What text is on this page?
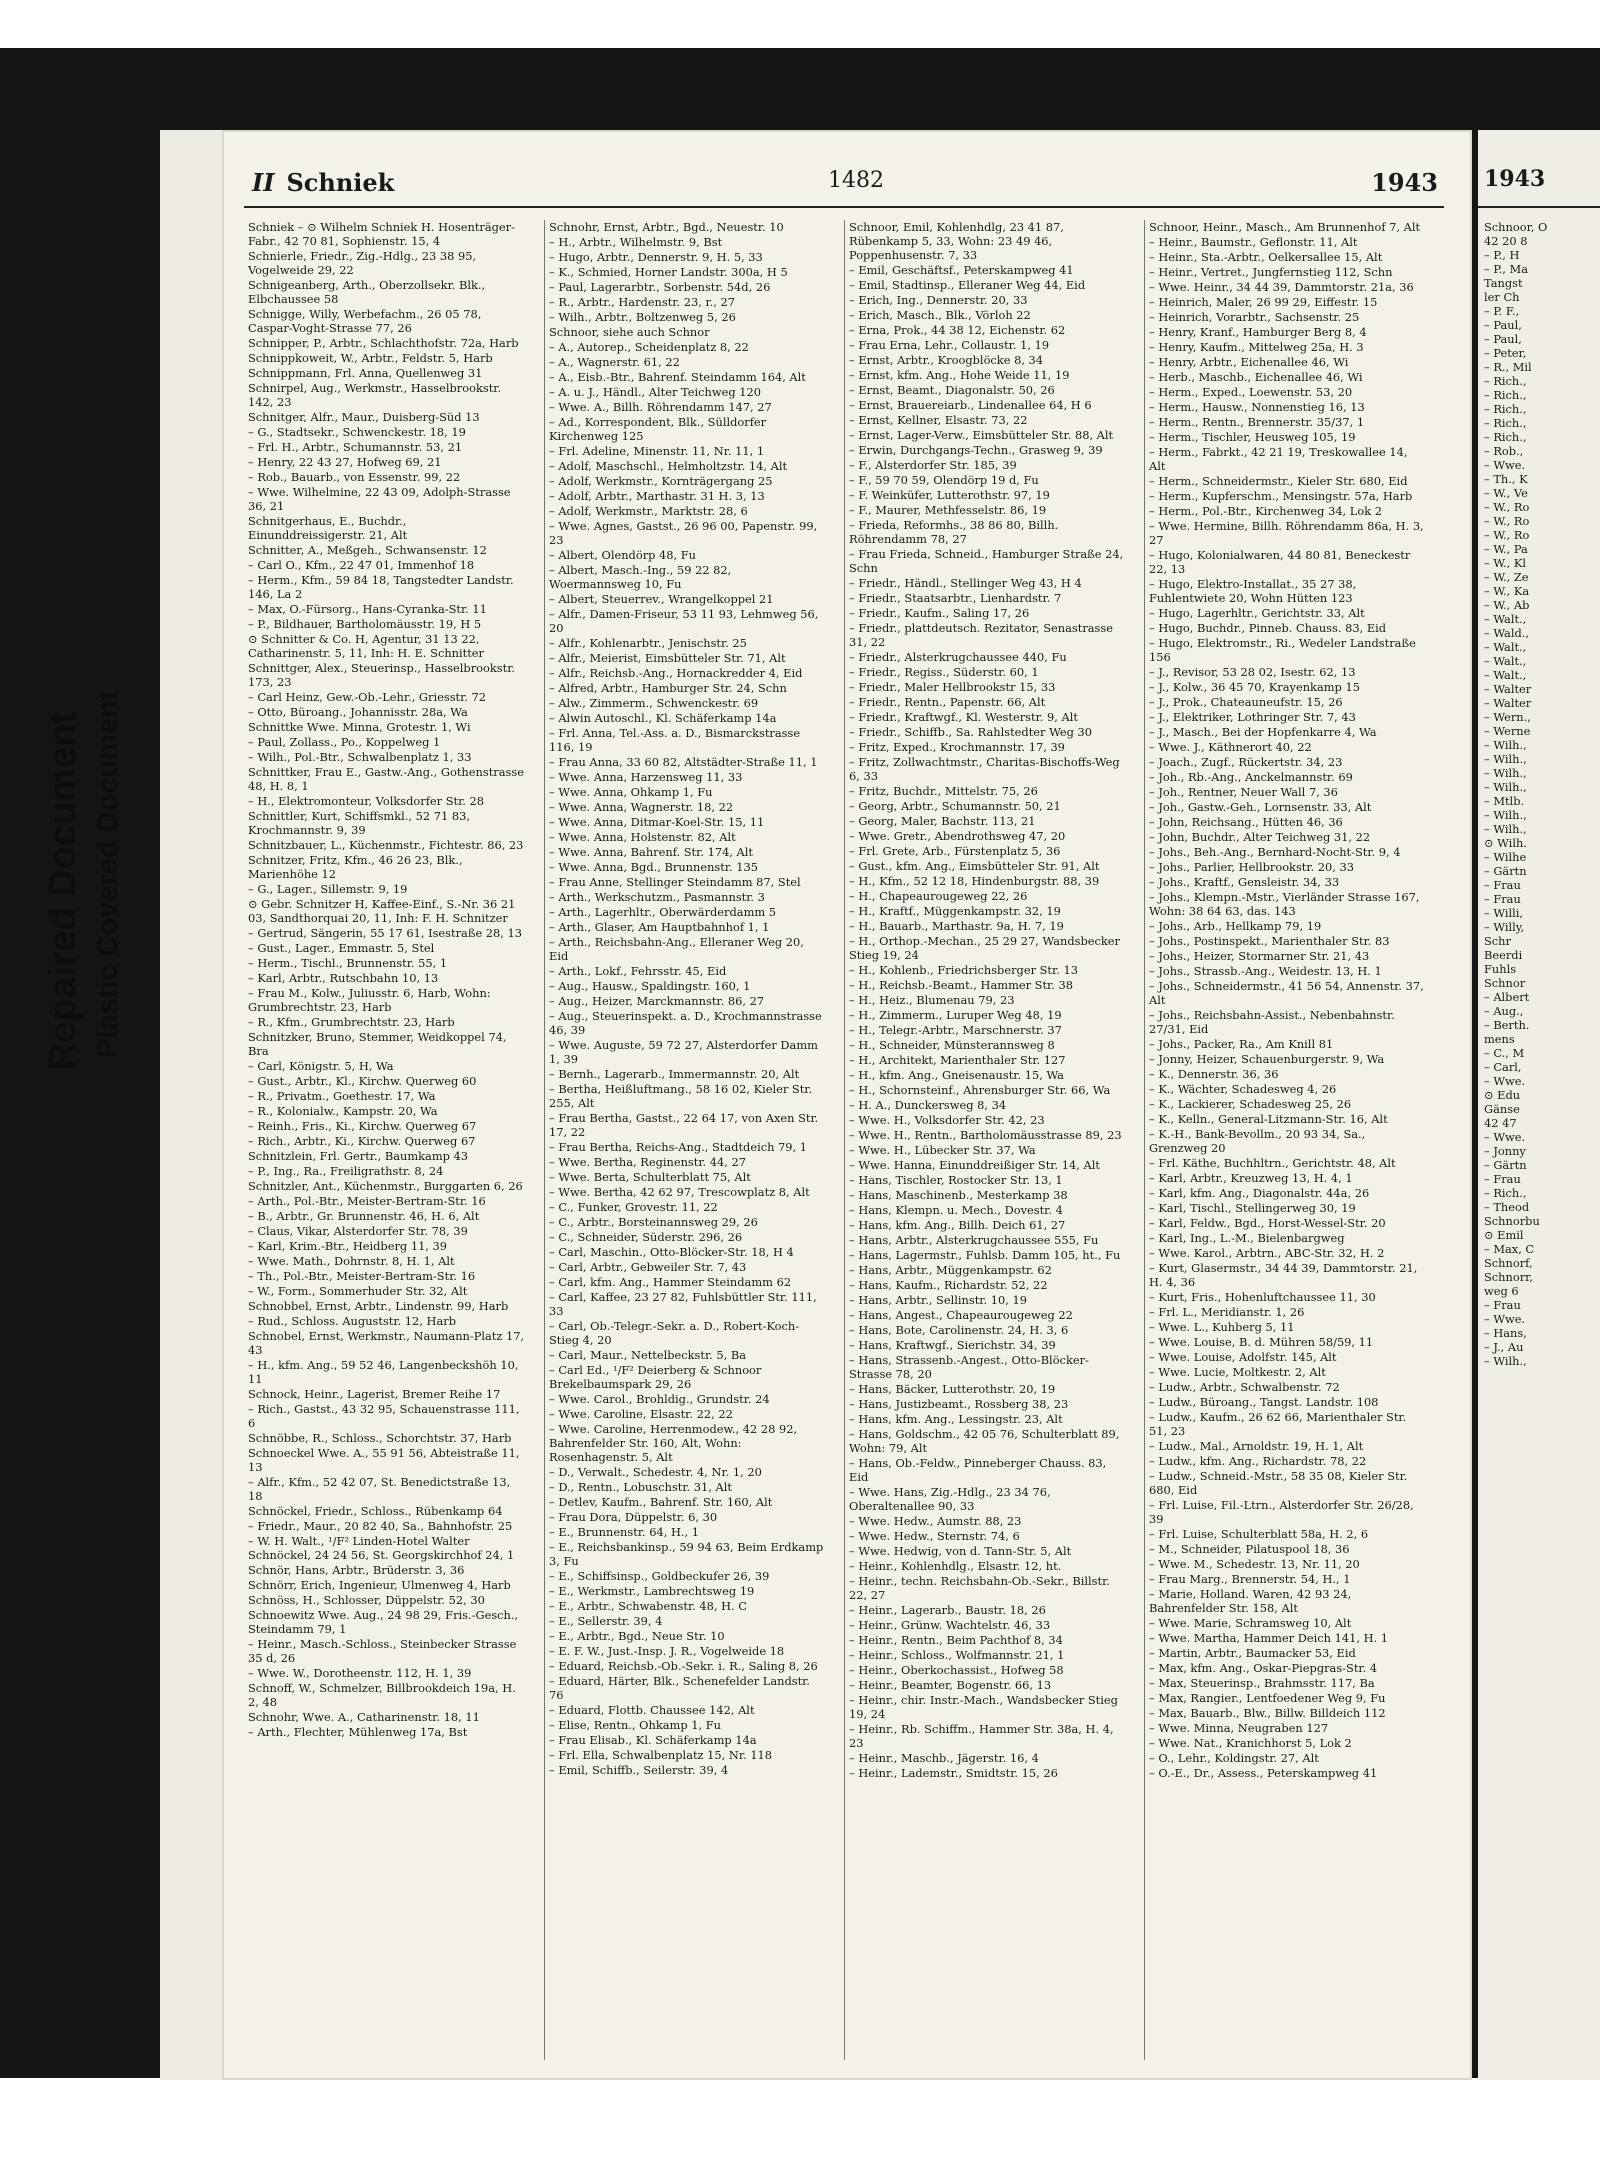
Repaired Document Plastic Covered Document
II Schniek	1482	1943

Schniek – ⊙ Wilhelm Schniek H. Hosenträger-Fabr., 42 70 81, Sophienstr. 15, 4

Schnierle, Friedr., Zig.-Hdlg., 23 38 95, Vogelweide 29, 22

Schnigeanberg, Arth., Oberzollsekr. Blk., Elbchaussee 58

Schnigge, Willy, Werbefachm., 26 05 78, Caspar-Voght-Strasse 77, 26

Schnipper, P., Arbtr., Schlachthofstr. 72a, Harb

Schnippkoweit, W., Arbtr., Feldstr. 5, Harb

Schnippmann, Frl. Anna, Quellenweg 31

Schnirpel, Aug., Werkmstr., Hasselbrookstr. 142, 23

Schnitger, Alfr., Maur., Duisberg-Süd 13

– G., Stadtsekr., Schwenckestr. 18, 19

– Frl. H., Arbtr., Schumannstr. 53, 21

– Henry, 22 43 27, Hofweg 69, 21

– Rob., Bauarb., von Essenstr. 99, 22

– Wwe. Wilhelmine, 22 43 09, Adolph-Strasse 36, 21

Schnitgerhaus, E., Buchdr., Einunddreissigerstr. 21, Alt

Schnitter, A., Meßgeh., Schwansenstr. 12

– Carl O., Kfm., 22 47 01, Immenhof 18

– Herm., Kfm., 59 84 18, Tangstedter Landstr. 146, La 2

– Max, O.-Fürsorg., Hans-Cyranka-Str. 11

– P., Bildhauer, Bartholomäusstr. 19, H 5

⊙ Schnitter & Co. H, Agentur, 31 13 22, Catharinenstr. 5, 11, Inh: H. E. Schnitter

Schnittger, Alex., Steuerinsp., Hasselbrookstr. 173, 23

– Carl Heinz, Gew.-Ob.-Lehr., Griesstr. 72

– Otto, Büroang., Johannisstr. 28a, Wa

Schnittke Wwe. Minna, Grotestr. 1, Wi

– Paul, Zollass., Po., Koppelweg 1

– Wilh., Pol.-Btr., Schwalbenplatz 1, 33

Schnittker, Frau E., Gastw.-Ang., Gothenstrasse 48, H. 8, 1

– H., Elektromonteur, Volksdorfer Str. 28

Schnittler, Kurt, Schiffsmkl., 52 71 83, Krochmannstr. 9, 39

Schnitzbauer, L., Küchenmstr., Fichtestr. 86, 23

Schnitzer, Fritz, Kfm., 46 26 23, Blk., Marienhöhe 12

– G., Lager., Sillemstr. 9, 19

⊙ Gebr. Schnitzer H, Kaffee-Einf., S.-Nr. 36 21 03, Sandthorquai 20, 11, Inh: F. H. Schnitzer

– Gertrud, Sängerin, 55 17 61, Isestraße 28, 13

– Gust., Lager., Emmastr. 5, Stel

– Herm., Tischl., Brunnenstr. 55, 1

– Karl, Arbtr., Rutschbahn 10, 13

– Frau M., Kolw., Juliusstr. 6, Harb, Wohn: Grumbrechtstr. 23, Harb

– R., Kfm., Grumbrechtstr. 23, Harb

Schnitzker, Bruno, Stemmer, Weidkoppel 74, Bra

– Carl, Königstr. 5, H, Wa

– Gust., Arbtr., Kl., Kirchw. Querweg 60

– R., Privatm., Goethestr. 17, Wa

– R., Kolonialw., Kampstr. 20, Wa

– Reinh., Fris., Ki., Kirchw. Querweg 67

– Rich., Arbtr., Ki., Kirchw. Querweg 67

Schnitzlein, Frl. Gertr., Baumkamp 43

– P., Ing., Ra., Freiligrathstr. 8, 24

Schnitzler, Ant., Küchenmstr., Burggarten 6, 26

– Arth., Pol.-Btr., Meister-Bertram-Str. 16

– B., Arbtr., Gr. Brunnenstr. 46, H. 6, Alt

– Claus, Vikar, Alsterdorfer Str. 78, 39

– Karl, Krim.-Btr., Heidberg 11, 39

– Wwe. Math., Dohrnstr. 8, H. 1, Alt

– Th., Pol.-Btr., Meister-Bertram-Str. 16

– W., Form., Sommerhuder Str. 32, Alt

Schnobbel, Ernst, Arbtr., Lindenstr. 99, Harb

– Rud., Schloss. Auguststr. 12, Harb

Schnobel, Ernst, Werkmstr., Naumann-Platz 17, 43

– H., kfm. Ang., 59 52 46, Langenbeckshöh 10, 11

Schnock, Heinr., Lagerist, Bremer Reihe 17

– Rich., Gastst., 43 32 95, Schauenstrasse 111, 6

Schnöbbe, R., Schloss., Schorchtstr. 37, Harb

Schnoeckel Wwe. A., 55 91 56, Abteistraße 11, 13

– Alfr., Kfm., 52 42 07, St. Benedictstraße 13, 18

Schnöckel, Friedr., Schloss., Rübenkamp 64

– Friedr., Maur., 20 82 40, Sa., Bahnhofstr. 25

– W. H. Walt., ¹/F² Linden-Hotel Walter Schnöckel, 24 24 56, St. Georgskirchhof 24, 1

Schnör, Hans, Arbtr., Brüderstr. 3, 36

Schnörr, Erich, Ingenieur, Ulmenweg 4, Harb

Schnöss, H., Schlosser, Düppelstr. 52, 30

Schnoewitz Wwe. Aug., 24 98 29, Fris.-Gesch., Steindamm 79, 1

– Heinr., Masch.-Schloss., Steinbecker Strasse 35 d, 26

– Wwe. W., Dorotheenstr. 112, H. 1, 39

Schnoff, W., Schmelzer, Billbrookdeich 19a, H. 2, 48

Schnohr, Wwe. A., Catharinenstr. 18, 11

– Arth., Flechter, Mühlenweg 17a, Bst

Schnohr, Ernst, Arbtr., Bgd., Neuestr. 10

– H., Arbtr., Wilhelmstr. 9, Bst

– Hugo, Arbtr., Dennerstr. 9, H. 5, 33

– K., Schmied, Horner Landstr. 300a, H 5

– Paul, Lagerarbtr., Sorbenstr. 54d, 26

– R., Arbtr., Hardenstr. 23, r., 27

– Wilh., Arbtr., Boltzenweg 5, 26

Schnoor, siehe auch Schnor

– A., Autorep., Scheidenplatz 8, 22

– A., Wagnerstr. 61, 22

– A., Eisb.-Btr., Bahrenf. Steindamm 164, Alt

– A. u. J., Händl., Alter Teichweg 120

– Wwe. A., Billh. Röhrendamm 147, 27

– Ad., Korrespondent, Blk., Sülldorfer Kirchenweg 125

– Frl. Adeline, Minenstr. 11, Nr. 11, 1

– Adolf, Maschschl., Helmholtzstr. 14, Alt

– Adolf, Werkmstr., Kornträgergang 25

– Adolf, Arbtr., Marthastr. 31 H. 3, 13

– Adolf, Werkmstr., Marktstr. 28, 6

– Wwe. Agnes, Gastst., 26 96 00, Papenstr. 99, 23

– Albert, Olendörp 48, Fu

– Albert, Masch.-Ing., 59 22 82, Woermannsweg 10, Fu

– Albert, Steuerrev., Wrangelkoppel 21

– Alfr., Damen-Friseur, 53 11 93, Lehmweg 56, 20

– Alfr., Kohlenarbtr., Jenischstr. 25

– Alfr., Meierist, Eimsbütteler Str. 71, Alt

– Alfr., Reichsb.-Ang., Hornackredder 4, Eid

– Alfred, Arbtr., Hamburger Str. 24, Schn

– Alw., Zimmerm., Schwenckestr. 69

– Alwin Autoschl., Kl. Schäferkamp 14a

– Frl. Anna, Tel.-Ass. a. D., Bismarckstrasse 116, 19

– Frau Anna, 33 60 82, Altstädter-Straße 11, 1

– Wwe. Anna, Harzensweg 11, 33

– Wwe. Anna, Ohkamp 1, Fu

– Wwe. Anna, Wagnerstr. 18, 22

– Wwe. Anna, Ditmar-Koel-Str. 15, 11

– Wwe. Anna, Holstenstr. 82, Alt

– Wwe. Anna, Bahrenf. Str. 174, Alt

– Wwe. Anna, Bgd., Brunnenstr. 135

– Frau Anne, Stellinger Steindamm 87, Stel

– Arth., Werkschutzm., Pasmannstr. 3

– Arth., Lagerhltr., Oberwärderdamm 5

– Arth., Glaser, Am Hauptbahnhof 1, 1

– Arth., Reichsbahn-Ang., Elleraner Weg 20, Eid

– Arth., Lokf., Fehrsstr. 45, Eid

– Aug., Hausw., Spaldingstr. 160, 1

– Aug., Heizer, Marckmannstr. 86, 27

– Aug., Steuerinspekt. a. D., Krochmannstrasse 46, 39

– Wwe. Auguste, 59 72 27, Alsterdorfer Damm 1, 39

– Bernh., Lagerarb., Immermannstr. 20, Alt

– Bertha, Heißluftmang., 58 16 02, Kieler Str. 255, Alt

– Frau Bertha, Gastst., 22 64 17, von Axen Str. 17, 22

– Frau Bertha, Reichs-Ang., Stadtdeich 79, 1

– Wwe. Bertha, Reginenstr. 44, 27

– Wwe. Berta, Schulterblatt 75, Alt

– Wwe. Bertha, 42 62 97, Trescowplatz 8, Alt

– C., Funker, Grovestr. 11, 22

– C., Arbtr., Borsteinannsweg 29, 26

– C., Schneider, Süderstr. 296, 26

– Carl, Maschin., Otto-Blöcker-Str. 18, H 4

– Carl, Arbtr., Gebweiler Str. 7, 43

– Carl, kfm. Ang., Hammer Steindamm 62

– Carl, Kaffee, 23 27 82, Fuhlsbüttler Str. 111, 33

– Carl, Ob.-Telegr.-Sekr. a. D., Robert-Koch-Stieg 4, 20

– Carl, Maur., Nettelbeckstr. 5, Ba

– Carl Ed., ¹/F² Deierberg & Schnoor Brekelbaumspark 29, 26

– Wwe. Carol., Brohldig., Grundstr. 24

– Wwe. Caroline, Elsastr. 22, 22

– Wwe. Caroline, Herrenmodew., 42 28 92, Bahrenfelder Str. 160, Alt, Wohn: Rosenhagenstr. 5, Alt

– D., Verwalt., Schedestr. 4, Nr. 1, 20

– D., Rentn., Lobuschstr. 31, Alt

– Detlev, Kaufm., Bahrenf. Str. 160, Alt

– Frau Dora, Düppelstr. 6, 30

– E., Brunnenstr. 64, H., 1

– E., Reichsbankinsp., 59 94 63, Beim Erdkamp 3, Fu

– E., Schiffsinsp., Goldbeckufer 26, 39

– E., Werkmstr., Lambrechtsweg 19

– E., Arbtr., Schwabenstr. 48, H. C

– E., Sellerstr. 39, 4

– E., Arbtr., Bgd., Neue Str. 10

– E. F. W., Just.-Insp. J. R., Vogelweide 18

– Eduard, Reichsb.-Ob.-Sekr. i. R., Saling 8, 26

– Eduard, Härter, Blk., Schenefelder Landstr. 76

– Eduard, Flottb. Chaussee 142, Alt

– Elise, Rentn., Ohkamp 1, Fu

– Frau Elisab., Kl. Schäferkamp 14a

– Frl. Ella, Schwalbenplatz 15, Nr. 118

– Emil, Schiffb., Seilerstr. 39, 4

Schnoor, Emil, Kohlenhdlg, 23 41 87, Rübenkamp 5, 33, Wohn: 23 49 46, Poppenhusenstr. 7, 33

– Emil, Geschäftsf., Peterskampweg 41

– Emil, Stadtinsp., Elleraner Weg 44, Eid

– Erich, Ing., Dennerstr. 20, 33

– Erich, Masch., Blk., Vörloh 22

– Erna, Prok., 44 38 12, Eichenstr. 62

– Frau Erna, Lehr., Collaustr. 1, 19

– Ernst, Arbtr., Kroogblöcke 8, 34

– Ernst, kfm. Ang., Hohe Weide 11, 19

– Ernst, Beamt., Diagonalstr. 50, 26

– Ernst, Brauereiarb., Lindenallee 64, H 6

– Ernst, Kellner, Elsastr. 73, 22

– Ernst, Lager-Verw., Eimsbütteler Str. 88, Alt

– Erwin, Durchgangs-Techn., Grasweg 9, 39

– F., Alsterdorfer Str. 185, 39

– F., 59 70 59, Olendörp 19 d, Fu

– F. Weinküfer, Lutterothstr. 97, 19

– F., Maurer, Methfesselstr. 86, 19

– Frieda, Reformhs., 38 86 80, Billh. Röhrendamm 78, 27

– Frau Frieda, Schneid., Hamburger Straße 24, Schn

– Friedr., Händl., Stellinger Weg 43, H 4

– Friedr., Staatsarbtr., Lienhardstr. 7

– Friedr., Kaufm., Saling 17, 26

– Friedr., plattdeutsch. Rezitator, Senastrasse 31, 22

– Friedr., Alsterkrugchaussee 440, Fu

– Friedr., Regiss., Süderstr. 60, 1

– Friedr., Maler Hellbrookstr 15, 33

– Friedr., Rentn., Papenstr. 66, Alt

– Friedr., Kraftwgf., Kl. Westerstr. 9, Alt

– Friedr., Schiffb., Sa. Rahlstedter Weg 30

– Fritz, Exped., Krochmannstr. 17, 39

– Fritz, Zollwachtmstr., Charitas-Bischoffs-Weg 6, 33

– Fritz, Buchdr., Mittelstr. 75, 26

– Georg, Arbtr., Schumannstr. 50, 21

– Georg, Maler, Bachstr. 113, 21

– Wwe. Gretr., Abendrothsweg 47, 20

– Frl. Grete, Arb., Fürstenplatz 5, 36

– Gust., kfm. Ang., Eimsbütteler Str. 91, Alt

– H., Kfm., 52 12 18, Hindenburgstr. 88, 39

– H., Chapeaurougeweg 22, 26

– H., Kraftf., Müggenkampstr. 32, 19

– H., Bauarb., Marthastr. 9a, H. 7, 19

– H., Orthop.-Mechan., 25 29 27, Wandsbecker Stieg 19, 24

– H., Kohlenb., Friedrichsberger Str. 13

– H., Reichsb.-Beamt., Hammer Str. 38

– H., Heiz., Blumenau 79, 23

– H., Zimmerm., Luruper Weg 48, 19

– H., Telegr.-Arbtr., Marschnerstr. 37

– H., Schneider, Münsterannsweg 8

– H., Architekt, Marienthaler Str. 127

– H., kfm. Ang., Gneisenaustr. 15, Wa

– H., Schornsteinf., Ahrensburger Str. 66, Wa

– H. A., Dunckersweg 8, 34

– Wwe. H., Volksdorfer Str. 42, 23

– Wwe. H., Rentn., Bartholomäusstrasse 89, 23

– Wwe. H., Lübecker Str. 37, Wa

– Wwe. Hanna, Einunddreißiger Str. 14, Alt

– Hans, Tischler, Rostocker Str. 13, 1

– Hans, Maschinenb., Mesterkamp 38

– Hans, Klempn. u. Mech., Dovestr. 4

– Hans, kfm. Ang., Billh. Deich 61, 27

– Hans, Arbtr., Alsterkrugchaussee 555, Fu

– Hans, Lagermstr., Fuhlsb. Damm 105, ht., Fu

– Hans, Arbtr., Müggenkampstr. 62

– Hans, Kaufm., Richardstr. 52, 22

– Hans, Arbtr., Sellinstr. 10, 19

– Hans, Angest., Chapeaurougeweg 22

– Hans, Bote, Carolinenstr. 24, H. 3, 6

– Hans, Kraftwgf., Sierichstr. 34, 39

– Hans, Strassenb.-Angest., Otto-Blöcker-Strasse 78, 20

– Hans, Bäcker, Lutterothstr. 20, 19

– Hans, Justizbeamt., Rossberg 38, 23

– Hans, kfm. Ang., Lessingstr. 23, Alt

– Hans, Goldschm., 42 05 76, Schulterblatt 89, Wohn: 79, Alt

– Hans, Ob.-Feldw., Pinneberger Chauss. 83, Eid

– Wwe. Hans, Zig.-Hdlg., 23 34 76, Oberaltenallee 90, 33

– Wwe. Hedw., Aumstr. 88, 23

– Wwe. Hedw., Sternstr. 74, 6

– Wwe. Hedwig, von d. Tann-Str. 5, Alt

– Heinr., Kohlenhdlg., Elsastr. 12, ht.

– Heinr., techn. Reichsbahn-Ob.-Sekr., Billstr. 22, 27

– Heinr., Lagerarb., Baustr. 18, 26

– Heinr., Grünw. Wachtelstr. 46, 33

– Heinr., Rentn., Beim Pachthof 8, 34

– Heinr., Schloss., Wolfmannstr. 21, 1

– Heinr., Oberkochassist., Hofweg 58

– Heinr., Beamter, Bogenstr. 66, 13

– Heinr., chir. Instr.-Mach., Wandsbecker Stieg 19, 24

– Heinr., Rb. Schiffm., Hammer Str. 38a, H. 4, 23

– Heinr., Maschb., Jägerstr. 16, 4

– Heinr., Lademstr., Smidtstr. 15, 26

Schnoor, Heinr., Masch., Am Brunnenhof 7, Alt

– Heinr., Baumstr., Geflonstr. 11, Alt

– Heinr., Sta.-Arbtr., Oelkersallee 15, Alt

– Heinr., Vertret., Jungfernstieg 112, Schn

– Wwe. Heinr., 34 44 39, Dammtorstr. 21a, 36

– Heinrich, Maler, 26 99 29, Eiffestr. 15

– Heinrich, Vorarbtr., Sachsenstr. 25

– Henry, Kranf., Hamburger Berg 8, 4

– Henry, Kaufm., Mittelweg 25a, H. 3

– Henry, Arbtr., Eichenallee 46, Wi

– Herb., Maschb., Eichenallee 46, Wi

– Herm., Exped., Loewenstr. 53, 20

– Herm., Hausw., Nonnenstieg 16, 13

– Herm., Rentn., Brennerstr. 35/37, 1

– Herm., Tischler, Heusweg 105, 19

– Herm., Fabrkt., 42 21 19, Treskowallee 14, Alt

– Herm., Schneidermstr., Kieler Str. 680, Eid

– Herm., Kupferschm., Mensingstr. 57a, Harb

– Herm., Pol.-Btr., Kirchenweg 34, Lok 2

– Wwe. Hermine, Billh. Röhrendamm 86a, H. 3, 27

– Hugo, Kolonialwaren, 44 80 81, Beneckestr 22, 13

– Hugo, Elektro-Installat., 35 27 38, Fuhlentwiete 20, Wohn Hütten 123

– Hugo, Lagerhltr., Gerichtstr. 33, Alt

– Hugo, Buchdr., Pinneb. Chauss. 83, Eid

– Hugo, Elektromstr., Ri., Wedeler Landstraße 156

– J., Revisor, 53 28 02, Isestr. 62, 13

– J., Kolw., 36 45 70, Krayenkamp 15

– J., Prok., Chateauneufstr. 15, 26

– J., Elektriker, Lothringer Str. 7, 43

– J., Masch., Bei der Hopfenkarre 4, Wa

– Wwe. J., Käthnerort 40, 22

– Joach., Zugf., Rückertstr. 34, 23

– Joh., Rb.-Ang., Anckelmannstr. 69

– Joh., Rentner, Neuer Wall 7, 36

– Joh., Gastw.-Geh., Lornsenstr. 33, Alt

– John, Reichsang., Hütten 46, 36

– John, Buchdr., Alter Teichweg 31, 22

– Johs., Beh.-Ang., Bernhard-Nocht-Str. 9, 4

– Johs., Parlier, Hellbrookstr. 20, 33

– Johs., Kraftf., Gensleistr. 34, 33

– Johs., Klempn.-Mstr., Vierländer Strasse 167, Wohn: 38 64 63, das. 143

– Johs., Arb., Hellkamp 79, 19

– Johs., Postinspekt., Marienthaler Str. 83

– Johs., Heizer, Stormarner Str. 21, 43

– Johs., Strassb.-Ang., Weidestr. 13, H. 1

– Johs., Schneidermstr., 41 56 54, Annenstr. 37, Alt

– Johs., Reichsbahn-Assist., Nebenbahnstr. 27/31, Eid

– Johs., Packer, Ra., Am Knill 81

– Jonny, Heizer, Schauenburgerstr. 9, Wa

– K., Dennerstr. 36, 36

– K., Wächter, Schadesweg 4, 26

– K., Lackierer, Schadesweg 25, 26

– K., Kelln., General-Litzmann-Str. 16, Alt

– K.-H., Bank-Bevollm., 20 93 34, Sa., Grenzweg 20

– Frl. Käthe, Buchhltrn., Gerichtstr. 48, Alt

– Karl, Arbtr., Kreuzweg 13, H. 4, 1

– Karl, kfm. Ang., Diagonalstr. 44a, 26

– Karl, Tischl., Stellingerweg 30, 19

– Karl, Feldw., Bgd., Horst-Wessel-Str. 20

– Karl, Ing., L.-M., Bielenbargweg

– Wwe. Karol., Arbtrn., ABC-Str. 32, H. 2

– Kurt, Glasermstr., 34 44 39, Dammtorstr. 21, H. 4, 36

– Kurt, Fris., Hohenluftchaussee 11, 30

– Frl. L., Meridianstr. 1, 26

– Wwe. L., Kuhberg 5, 11

– Wwe. Louise, B. d. Mühren 58/59, 11

– Wwe. Louise, Adolfstr. 145, Alt

– Wwe. Lucie, Moltkestr. 2, Alt

– Ludw., Arbtr., Schwalbenstr. 72

– Ludw., Büroang., Tangst. Landstr. 108

– Ludw., Kaufm., 26 62 66, Marienthaler Str. 51, 23

– Ludw., Mal., Arnoldstr. 19, H. 1, Alt

– Ludw., kfm. Ang., Richardstr. 78, 22

– Ludw., Schneid.-Mstr., 58 35 08, Kieler Str. 680, Eid

– Frl. Luise, Fil.-Ltrn., Alsterdorfer Str. 26/28, 39

– Frl. Luise, Schulterblatt 58a, H. 2, 6

– M., Schneider, Pilatuspool 18, 36

– Wwe. M., Schedestr. 13, Nr. 11, 20

– Frau Marg., Brennerstr. 54, H., 1

– Marie, Holland. Waren, 42 93 24, Bahrenfelder Str. 158, Alt

– Wwe. Marie, Schramsweg 10, Alt

– Wwe. Martha, Hammer Deich 141, H. 1

– Martin, Arbtr., Baumacker 53, Eid

– Max, kfm. Ang., Oskar-Piepgras-Str. 4

– Max, Steuerinsp., Brahmsstr. 117, Ba

– Max, Rangier., Lentfoedener Weg 9, Fu

– Max, Bauarb., Blw., Billw. Billdeich 112

– Wwe. Minna, Neugraben 127

– Wwe. Nat., Kranichhorst 5, Lok 2

– O., Lehr., Koldingstr. 27, Alt

– O.-E., Dr., Assess., Peterskampweg 41

1943
Schnoor, O
42 20 8
– P., H
– P., Ma
Tangst
ler Ch
– P. F.,
– Paul,
– Paul,
– Peter,
– R., Mil
– Rich.,
– Rich.,
– Rich.,
– Rich.,
– Rich.,
– Rob.,
– Wwe.
– Th., K
– W., Ve
– W., Ro
– W., Ro
– W., Ro
– W., Pa
– W., Kl
– W., Ze
– W., Ka
– W., Ab
– Walt.,
– Wald.,
– Walt.,
– Walt.,
– Walt.,
– Walter
– Walter
– Wern.,
– Werne
– Wilh.,
– Wilh.,
– Wilh.,
– Wilh.,
– Mtlb.
– Wilh.,
– Wilh.,
⊙ Wilh.
– Wilhe
– Gärtn
– Frau
– Frau
– Willi,
– Willy,
Schr
Beerdi
Fuhls
Schnor
– Albert
– Aug.,
– Berth.
mens
– C., M
– Carl,
– Wwe.
⊙ Edu
Gänse
42 47
– Wwe.
– Jonny
– Gärtn
– Frau
– Rich.,
– Theod
Schnorbu
⊙ Emil
– Max, C
Schnorf,
Schnorr,
weg 6
– Frau
– Wwe.
– Hans,
– J., Au
– Wilh.,
